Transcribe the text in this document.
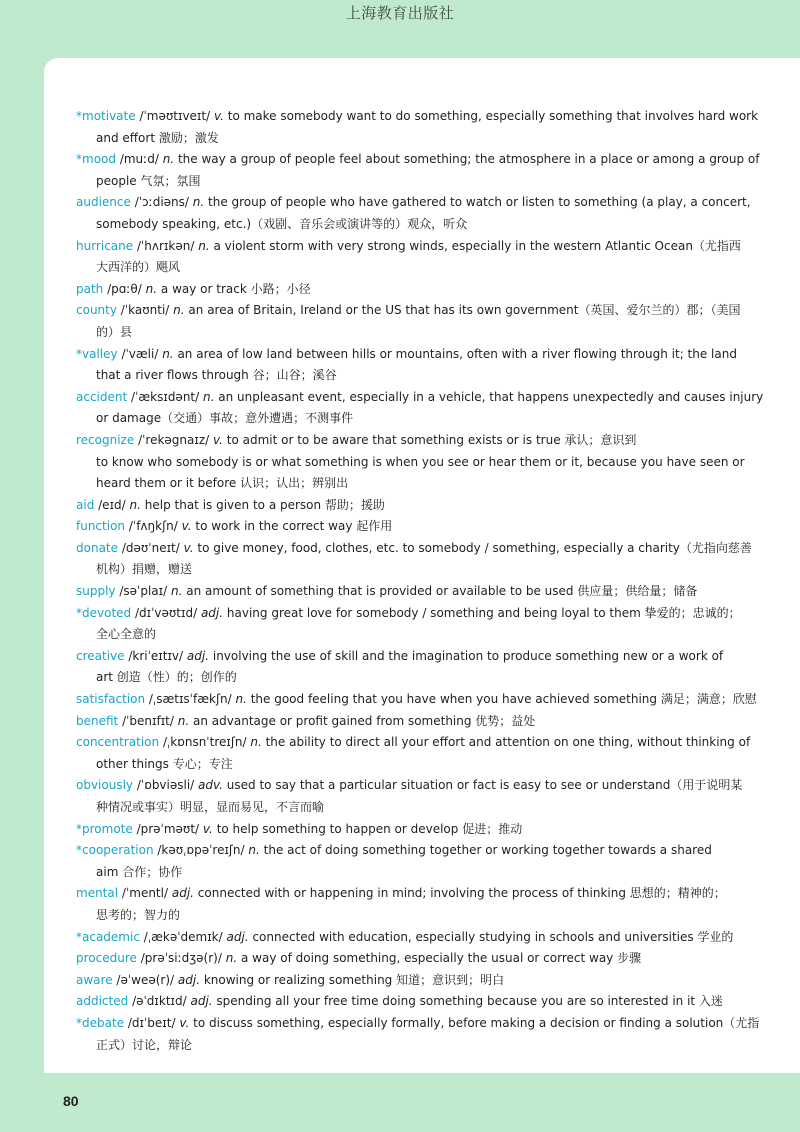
上海教育出版社
*motivate /ˈməʊtɪveɪt/ v. to make somebody want to do something, especially something that involves hard work
and effort 激励；激发
*mood /muːd/ n. the way a group of people feel about something; the atmosphere in a place or among a group of
people 气氛；氛围
audience /ˈɔːdiəns/ n. the group of people who have gathered to watch or listen to something (a play, a concert,
somebody speaking, etc.)（戏剧、音乐会或演讲等的）观众，听众
hurricane /ˈhʌrɪkən/ n. a violent storm with very strong winds, especially in the western Atlantic Ocean（尤指西
大西洋的）飓风
path /pɑːθ/ n. a way or track 小路；小径
county /ˈkaʊnti/ n. an area of Britain, Ireland or the US that has its own government（英国、爱尔兰的）郡；（美国
的）县
*valley /ˈvæli/ n. an area of low land between hills or mountains, often with a river flowing through it; the land
that a river flows through 谷；山谷；溪谷
accident /ˈæksɪdənt/ n. an unpleasant event, especially in a vehicle, that happens unexpectedly and causes injury
or damage（交通）事故；意外遭遇；不测事件
recognize /ˈrekəgnaɪz/ v. to admit or to be aware that something exists or is true 承认；意识到
to know who somebody is or what something is when you see or hear them or it, because you have seen or
heard them or it before 认识；认出；辨别出
aid /eɪd/ n. help that is given to a person 帮助；援助
function /ˈfʌŋkʃn/ v. to work in the correct way 起作用
donate /dəʊˈneɪt/ v. to give money, food, clothes, etc. to somebody / something, especially a charity（尤指向慈善
机构）捐赠，赠送
supply /səˈplaɪ/ n. an amount of something that is provided or available to be used 供应量；供给量；储备
*devoted /dɪˈvəʊtɪd/ adj. having great love for somebody / something and being loyal to them 挚爱的；忠诚的；
全心全意的
creative /kriˈeɪtɪv/ adj. involving the use of skill and the imagination to produce something new or a work of
art 创造（性）的；创作的
satisfaction /ˌsætɪsˈfækʃn/ n. the good feeling that you have when you have achieved something 满足；满意；欣慰
benefit /ˈbenɪfɪt/ n. an advantage or profit gained from something 优势；益处
concentration /ˌkɒnsnˈtreɪʃn/ n. the ability to direct all your effort and attention on one thing, without thinking of
other things 专心；专注
obviously /ˈɒbviəsli/ adv. used to say that a particular situation or fact is easy to see or understand（用于说明某
种情况或事实）明显，显而易见，不言而喻
*promote /prəˈməʊt/ v. to help something to happen or develop 促进；推动
*cooperation /kəʊˌɒpəˈreɪʃn/ n. the act of doing something together or working together towards a shared
aim 合作；协作
mental /ˈmentl/ adj. connected with or happening in mind; involving the process of thinking 思想的；精神的；
思考的；智力的
*academic /ˌækəˈdemɪk/ adj. connected with education, especially studying in schools and universities 学业的
procedure /prəˈsiːdʒə(r)/ n. a way of doing something, especially the usual or correct way 步骤
aware /əˈweə(r)/ adj. knowing or realizing something 知道；意识到；明白
addicted /əˈdɪktɪd/ adj. spending all your free time doing something because you are so interested in it 入迷
*debate /dɪˈbeɪt/ v. to discuss something, especially formally, before making a decision or finding a solution（尤指
正式）讨论，辩论
80
